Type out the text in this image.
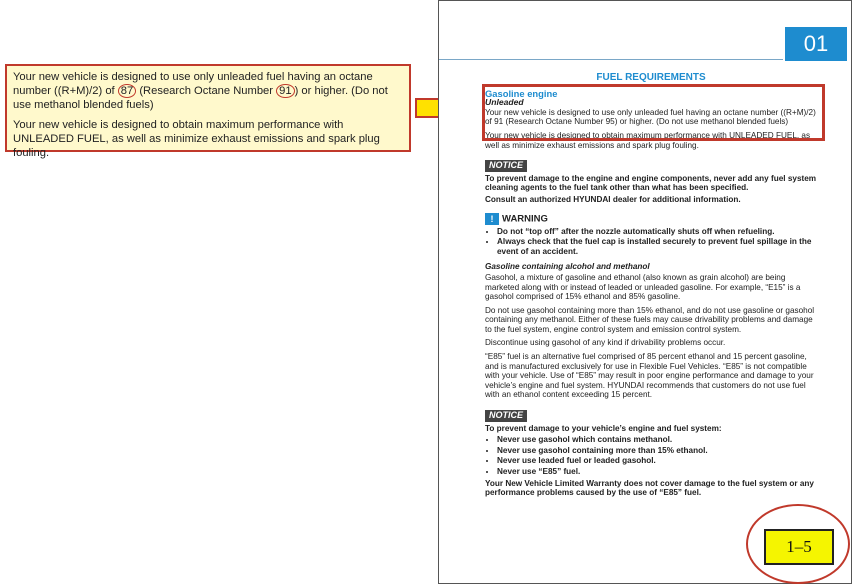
Your new vehicle is designed to use only unleaded fuel having an octane number ((R+M)/2) of 87 (Research Octane Number 91 ) or higher. (Do not use methanol blended fuels)

Your new vehicle is designed to obtain maximum performance with UNLEADED FUEL, as well as minimize exhaust emissions and spark plug fouling.

01
FUEL REQUIREMENTS
Gasoline engine
Unleaded

Your new vehicle is designed to use only unleaded fuel having an octane number ((R+M)/2) of 91 (Research Octane Number 95) or higher. (Do not use methanol blended fuels)

Your new vehicle is designed to obtain maximum performance with UNLEADED FUEL, as well as minimize exhaust emissions and spark plug fouling.

NOTICE

To prevent damage to the engine and engine components, never add any fuel system cleaning agents to the fuel tank other than what has been specified.

Consult an authorized HYUNDAI dealer for additional information.

! WARNING
• Do not “top off” after the nozzle automatically shuts off when refueling.
• Always check that the fuel cap is installed securely to prevent fuel spillage in the event of an accident.
Gasoline containing alcohol and methanol

Gasohol, a mixture of gasoline and ethanol (also known as grain alcohol) are being marketed along with or instead of leaded or unleaded gasoline. For example, “E15” is a gasohol comprised of 15% ethanol and 85% gasoline.

Do not use gasohol containing more than 15% ethanol, and do not use gasoline or gasohol containing any methanol. Either of these fuels may cause drivability problems and damage to the fuel system, engine control system and emission control system.

Discontinue using gasohol of any kind if drivability problems occur.

“E85” fuel is an alternative fuel comprised of 85 percent ethanol and 15 percent gasoline, and is manufactured exclusively for use in Flexible Fuel Vehicles. “E85” is not compatible with your vehicle. Use of “E85” may result in poor engine performance and damage to your vehicle’s engine and fuel system. HYUNDAI recommends that customers do not use fuel with an ethanol content exceeding 15 percent.

NOTICE

To prevent damage to your vehicle’s engine and fuel system:

• Never use gasohol which contains methanol.
• Never use gasohol containing more than 15% ethanol.
• Never use leaded fuel or leaded gasohol.
• Never use “E85” fuel.

Your New Vehicle Limited Warranty does not cover damage to the fuel system or any performance problems caused by the use of “E85” fuel.

1–5
